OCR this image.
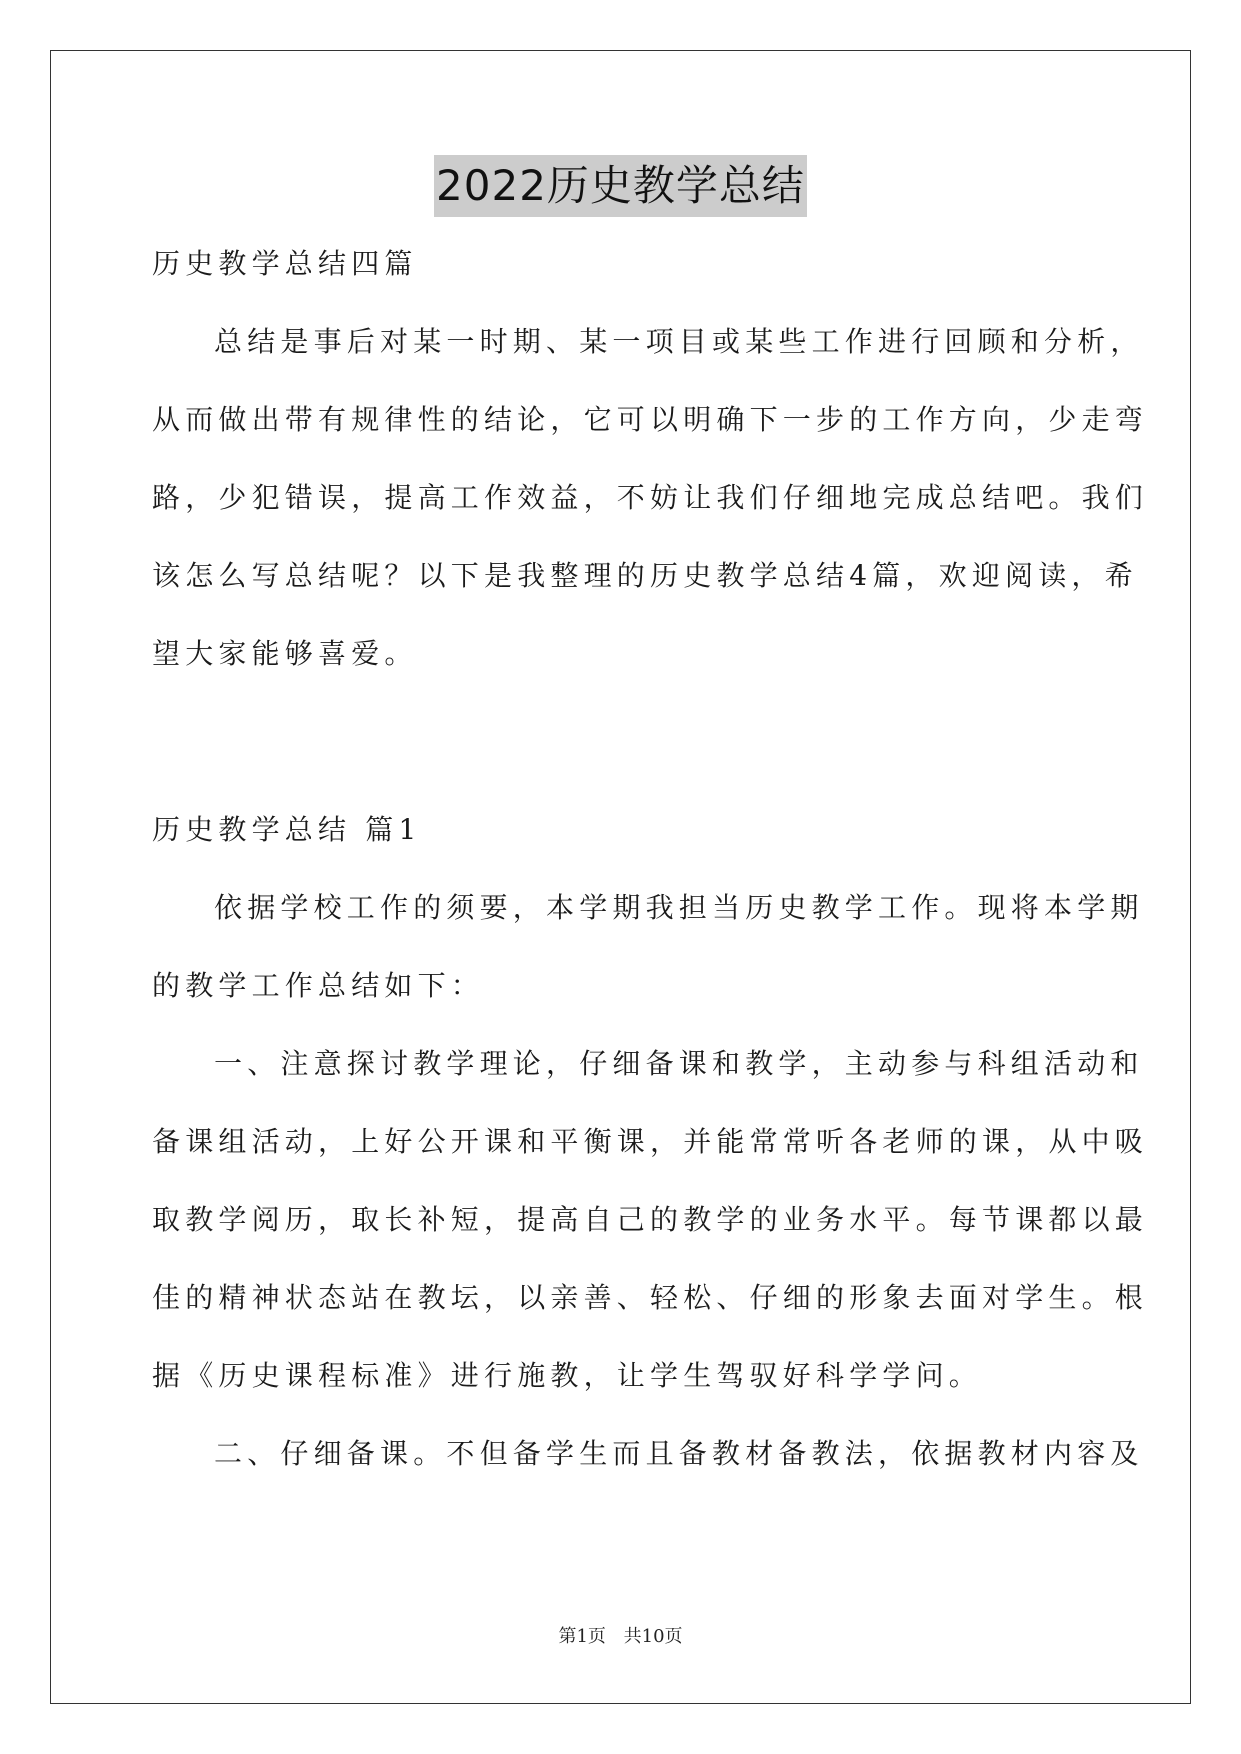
2022历史教学总结
历史教学总结四篇
总结是事后对某一时期、某一项目或某些工作进行回顾和分析，
从而做出带有规律性的结论，它可以明确下一步的工作方向，少走弯
路，少犯错误，提高工作效益，不妨让我们仔细地完成总结吧。我们
该怎么写总结呢？以下是我整理的历史教学总结4篇，欢迎阅读，希
望大家能够喜爱。
历史教学总结 篇1
依据学校工作的须要，本学期我担当历史教学工作。现将本学期
的教学工作总结如下：
一、注意探讨教学理论，仔细备课和教学，主动参与科组活动和
备课组活动，上好公开课和平衡课，并能常常听各老师的课，从中吸
取教学阅历，取长补短，提高自己的教学的业务水平。每节课都以最
佳的精神状态站在教坛，以亲善、轻松、仔细的形象去面对学生。根
据《历史课程标准》进行施教，让学生驾驭好科学学问。
二、仔细备课。不但备学生而且备教材备教法，依据教材内容及
第1页 共10页
